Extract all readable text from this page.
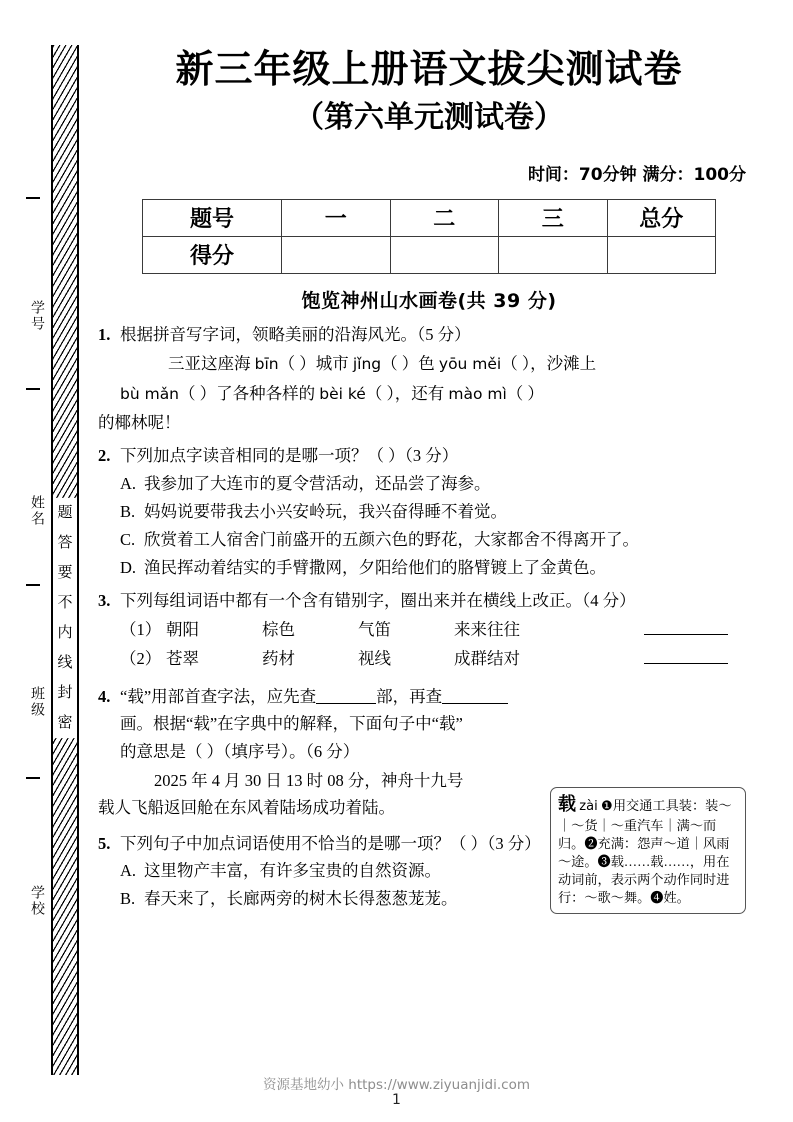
题
答
要
不
内
线
封
密
学号
姓名
班级
学校
新三年级上册语文拔尖测试卷
（第六单元测试卷）
时间：70分钟 满分：100分
题号	一	二	三	总分
得分				
饱览神州山水画卷(共 39 分)
1. 根据拼音写字词，领略美丽的沿海风光。（5 分）
三亚这座海 bīn（ ）城市 jǐng（ ）色 yōu měi（ ），沙滩上
bù mǎn（ ）了各种各样的 bèi ké（ ），还有 mào mì（ ）
的椰林呢！
2. 下列加点字读音相同的是哪一项？（ ）（3 分）
A. 我参加了大连市的夏令营活动，还品尝了海参。
B. 妈妈说要带我去小兴安岭玩，我兴奋得睡不着觉。
C. 欣赏着工人宿舍门前盛开的五颜六色的野花，大家都舍不得离开了。
D. 渔民挥动着结实的手臂撒网，夕阳给他们的胳臂镀上了金黄色。
3. 下列每组词语中都有一个含有错别字，圈出来并在横线上改正。（4 分）
（1） 朝阳	棕色	气笛	来来往往
（2） 苍翠	药材	视线	成群结对
4. “载”用部首查字法，应先查	部，再查
画。根据“载”在字典中的解释，下面句子中“载”
的意思是（ ）（填序号）。（6 分）
2025 年 4 月 30 日 13 时 08 分，神舟十九号
载人飞船返回舱在东风着陆场成功着陆。
5. 下列句子中加点词语使用不恰当的是哪一项？（ ）（3 分）
A. 这里物产丰富，有许多宝贵的自然资源。
B. 春天来了，长廊两旁的树木长得葱葱茏茏。
载 zài ❶用交通工具装：装～｜～货｜～重汽车｜满～而归。❷充满：怨声～道｜风雨～途。❸载……载……，用在动词前，表示两个动作同时进行：～歌～舞。❹姓。
资源基地幼小 https://www.ziyuanjidi.com
1
